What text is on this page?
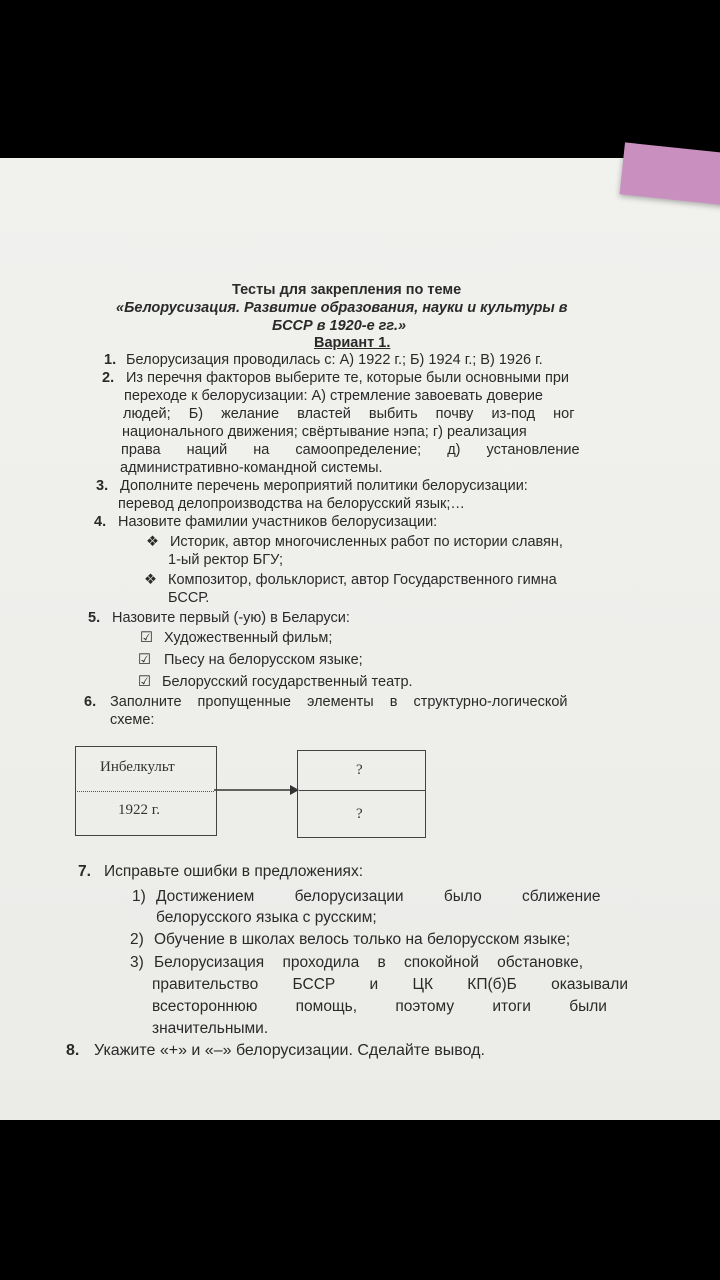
Тесты для закрепления по теме
«Белорусизация. Развитие образования, науки и культуры в
БССР в 1920-е гг.»
Вариант 1.
1. Белорусизация проводилась с: А) 1922 г.; Б) 1924 г.; В) 1926 г.
2. Из перечня факторов выберите те, которые были основными при
переходе к белорусизации: А) стремление завоевать доверие
людей; Б) желание властей выбить почву из-под ног
национального движения; свёртывание нэпа; г) реализация
права наций на самоопределение; д) установление
административно-командной системы.
3. Дополните перечень мероприятий политики белорусизации:
перевод делопроизводства на белорусский язык;…
4. Назовите фамилии участников белорусизации:
❖ Историк, автор многочисленных работ по истории славян,
1-ый ректор БГУ;
❖ Композитор, фольклорист, автор Государственного гимна
БССР.
5. Назовите первый (-ую) в Беларуси:
☑ Художественный фильм;
☑ Пьесу на белорусском языке;
☑ Белорусский государственный театр.
6. Заполните пропущенные элементы в структурно-логической
схеме:
Инбелкульт
1922 г.
?
?
7. Исправьте ошибки в предложениях:
1) Достижением белорусизации было сближение
белорусского языка с русским;
2) Обучение в школах велось только на белорусском языке;
3) Белорусизация проходила в спокойной обстановке,
правительство БССР и ЦК КП(б)Б оказывали
всестороннюю помощь, поэтому итоги были
значительными.
8. Укажите «+» и «–» белорусизации. Сделайте вывод.
